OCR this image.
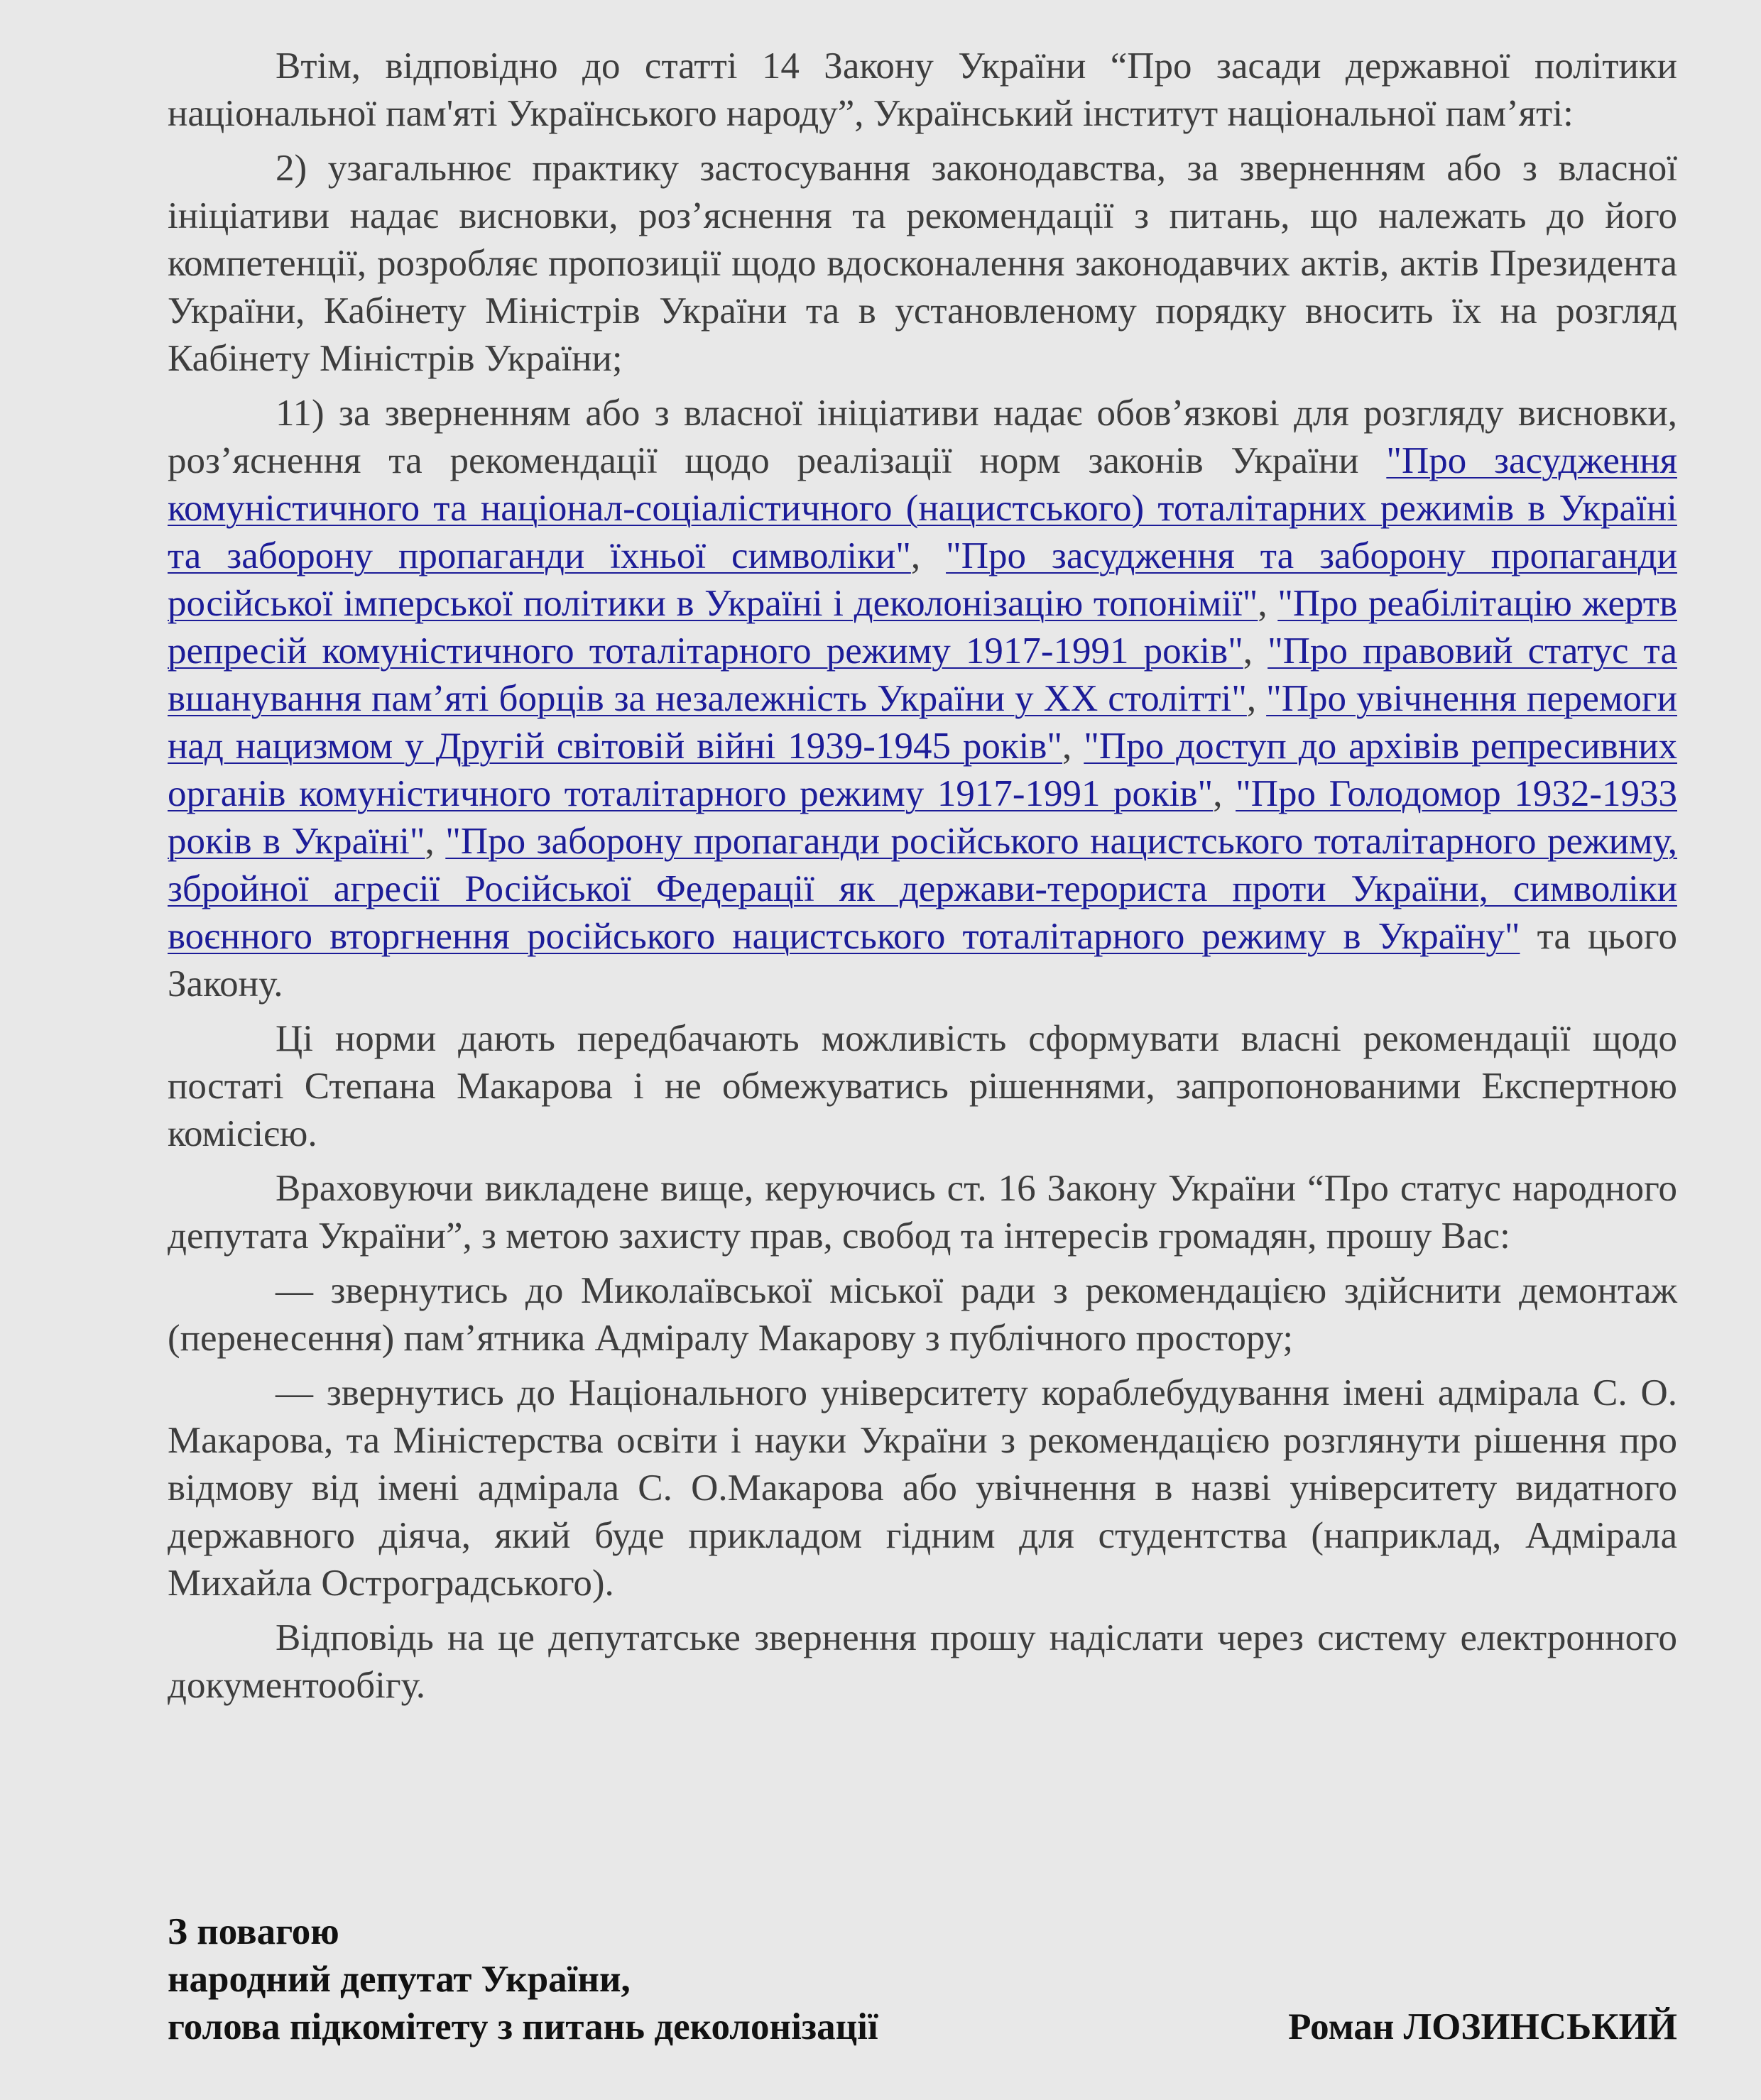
Втім, відповідно до статті 14 Закону України “Про засади державної політики національної пам'яті Українського народу”, Український інститут національної пам’яті:

2) узагальнює практику застосування законодавства, за зверненням або з власної ініціативи надає висновки, роз’яснення та рекомендації з питань, що належать до його компетенції, розробляє пропозиції щодо вдосконалення законодавчих актів, актів Президента України, Кабінету Міністрів України та в установленому порядку вносить їх на розгляд Кабінету Міністрів України;

11) за зверненням або з власної ініціативи надає обов’язкові для розгляду висновки, роз’яснення та рекомендації щодо реалізації норм законів України "Про засудження комуністичного та націонал-соціалістичного (нацистського) тоталітарних режимів в Україні та заборону пропаганди їхньої символіки", "Про засудження та заборону пропаганди російської імперської політики в Україні і деколонізацію топонімії", "Про реабілітацію жертв репресій комуністичного тоталітарного режиму 1917-1991 років", "Про правовий статус та вшанування пам’яті борців за незалежність України у XX столітті", "Про увічнення перемоги над нацизмом у Другій світовій війні 1939-1945 років", "Про доступ до архівів репресивних органів комуністичного тоталітарного режиму 1917-1991 років", "Про Голодомор 1932-1933 років в Україні", "Про заборону пропаганди російського нацистського тоталітарного режиму, збройної агресії Російської Федерації як держави-терориста проти України, символіки воєнного вторгнення російського нацистського тоталітарного режиму в Україну" та цього Закону.

Ці норми дають передбачають можливість сформувати власні рекомендації щодо постаті Степана Макарова і не обмежуватись рішеннями, запропонованими Експертною комісією.

Враховуючи викладене вище, керуючись ст. 16 Закону України “Про статус народного депутата України”, з метою захисту прав, свобод та інтересів громадян, прошу Вас:

— звернутись до Миколаївської міської ради з рекомендацією здійснити демонтаж (перенесення) пам’ятника Адміралу Макарову з публічного простору;

— звернутись до Національного університету кораблебудування імені адмірала С. О. Макарова, та Міністерства освіти і науки України з рекомендацією розглянути рішення про відмову від імені адмірала С. О.Макарова або увічнення в назві університету видатного державного діяча, який буде прикладом гідним для студентства (наприклад, Адмірала Михайла Остроградського).

Відповідь на це депутатське звернення прошу надіслати через систему електронного документообігу.

З повагою
народний депутат України,
голова підкомітету з питань деколонізації	Роман ЛОЗИНСЬКИЙ
